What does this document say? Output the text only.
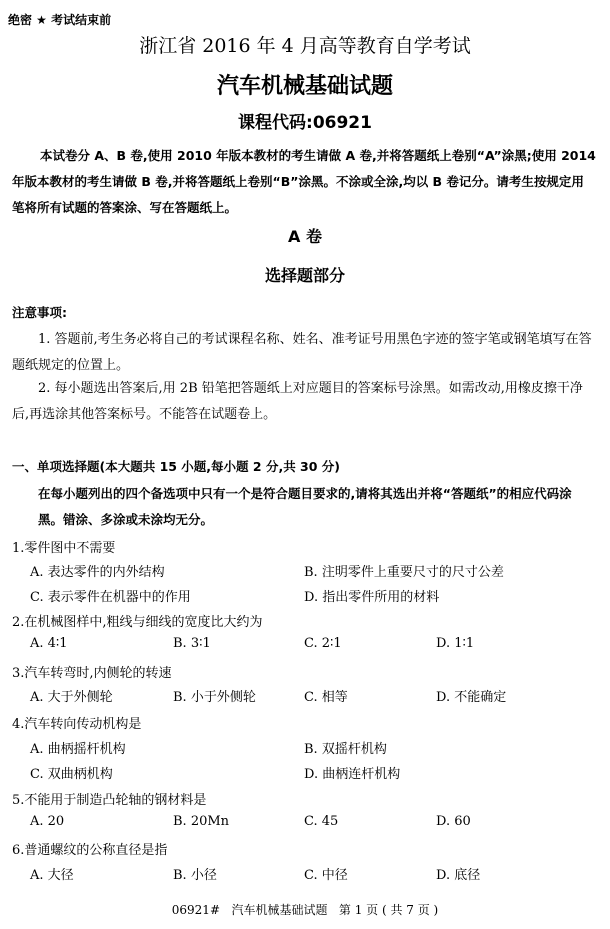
绝密 ★ 考试结束前
浙江省 2016 年 4 月高等教育自学考试
汽车机械基础试题
课程代码:06921
本试卷分 A、B 卷,使用 2010 年版本教材的考生请做 A 卷,并将答题纸上卷别“A”涂黑;使用 2014 年版本教材的考生请做 B 卷,并将答题纸上卷别“B”涂黑。不涂或全涂,均以 B 卷记分。请考生按规定用笔将所有试题的答案涂、写在答题纸上。
A 卷
选择题部分
注意事项:
1. 答题前,考生务必将自己的考试课程名称、姓名、准考证号用黑色字迹的签字笔或钢笔填写在答题纸规定的位置上。
2. 每小题选出答案后,用 2B 铅笔把答题纸上对应题目的答案标号涂黑。如需改动,用橡皮擦干净后,再选涂其他答案标号。不能答在试题卷上。
一、单项选择题(本大题共 15 小题,每小题 2 分,共 30 分)
在每小题列出的四个备选项中只有一个是符合题目要求的,请将其选出并将“答题纸”的相应代码涂黑。错涂、多涂或未涂均无分。
1.零件图中不需要
A. 表达零件的内外结构	B. 注明零件上重要尺寸的尺寸公差
C. 表示零件在机器中的作用	D. 指出零件所用的材料
2.在机械图样中,粗线与细线的宽度比大约为
A. 4∶1	B. 3∶1	C. 2∶1	D. 1∶1
3.汽车转弯时,内侧轮的转速
A. 大于外侧轮	B. 小于外侧轮	C. 相等	D. 不能确定
4.汽车转向传动机构是
A. 曲柄摇杆机构	B. 双摇杆机构
C. 双曲柄机构	D. 曲柄连杆机构
5.不能用于制造凸轮轴的钢材料是
A. 20	B. 20Mn	C. 45	D. 60
6.普通螺纹的公称直径是指
A. 大径	B. 小径	C. 中径	D. 底径
06921#   汽车机械基础试题   第 1 页 ( 共 7 页 )
